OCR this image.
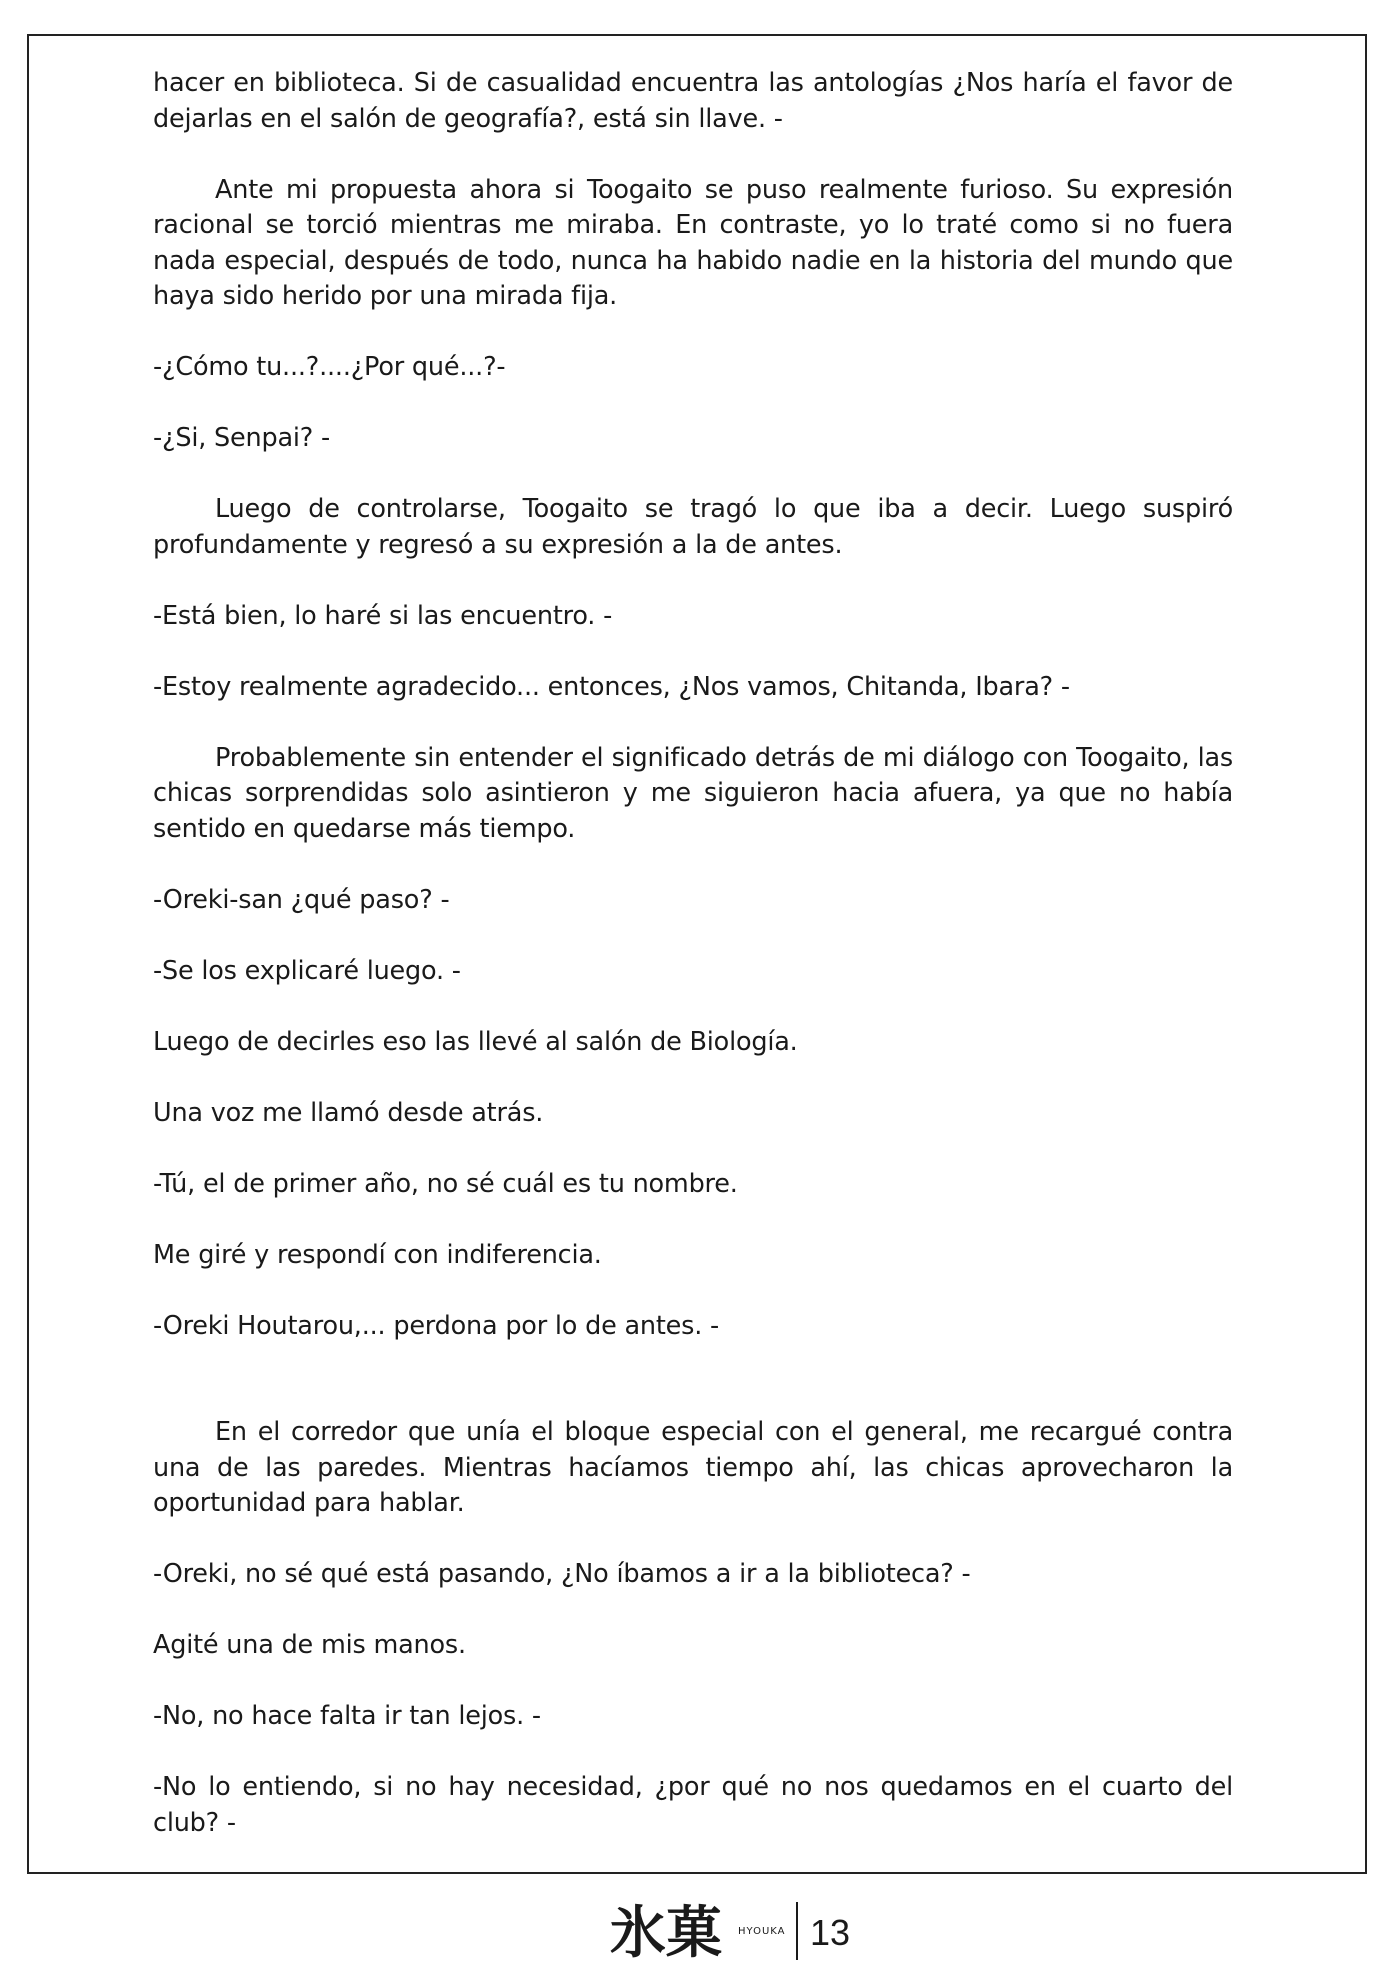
hacer en biblioteca. Si de casualidad encuentra las antologías ¿Nos haría el favor de dejarlas en el salón de geografía?, está sin llave. -

Ante mi propuesta ahora si Toogaito se puso realmente furioso. Su expresión racional se torció mientras me miraba. En contraste, yo lo traté como si no fuera nada especial, después de todo, nunca ha habido nadie en la historia del mundo que haya sido herido por una mirada fija.

-¿Cómo tu...?....¿Por qué...?-

-¿Si, Senpai? -

Luego de controlarse, Toogaito se tragó lo que iba a decir. Luego suspiró profundamente y regresó a su expresión a la de antes.

-Está bien, lo haré si las encuentro. -

-Estoy realmente agradecido... entonces, ¿Nos vamos, Chitanda, Ibara? -

Probablemente sin entender el significado detrás de mi diálogo con Toogaito, las chicas sorprendidas solo asintieron y me siguieron hacia afuera, ya que no había sentido en quedarse más tiempo.

-Oreki-san ¿qué paso? -

-Se los explicaré luego. -

Luego de decirles eso las llevé al salón de Biología.

Una voz me llamó desde atrás.

-Tú, el de primer año, no sé cuál es tu nombre.

Me giré y respondí con indiferencia.

-Oreki Houtarou,... perdona por lo de antes. -

En el corredor que unía el bloque especial con el general, me recargué contra una de las paredes. Mientras hacíamos tiempo ahí, las chicas aprovecharon la oportunidad para hablar.

-Oreki, no sé qué está pasando, ¿No íbamos a ir a la biblioteca? -

Agité una de mis manos.

-No, no hace falta ir tan lejos. -

-No lo entiendo, si no hay necesidad, ¿por qué no nos quedamos en el cuarto del club? -

氷菓 HYOUKA 13
